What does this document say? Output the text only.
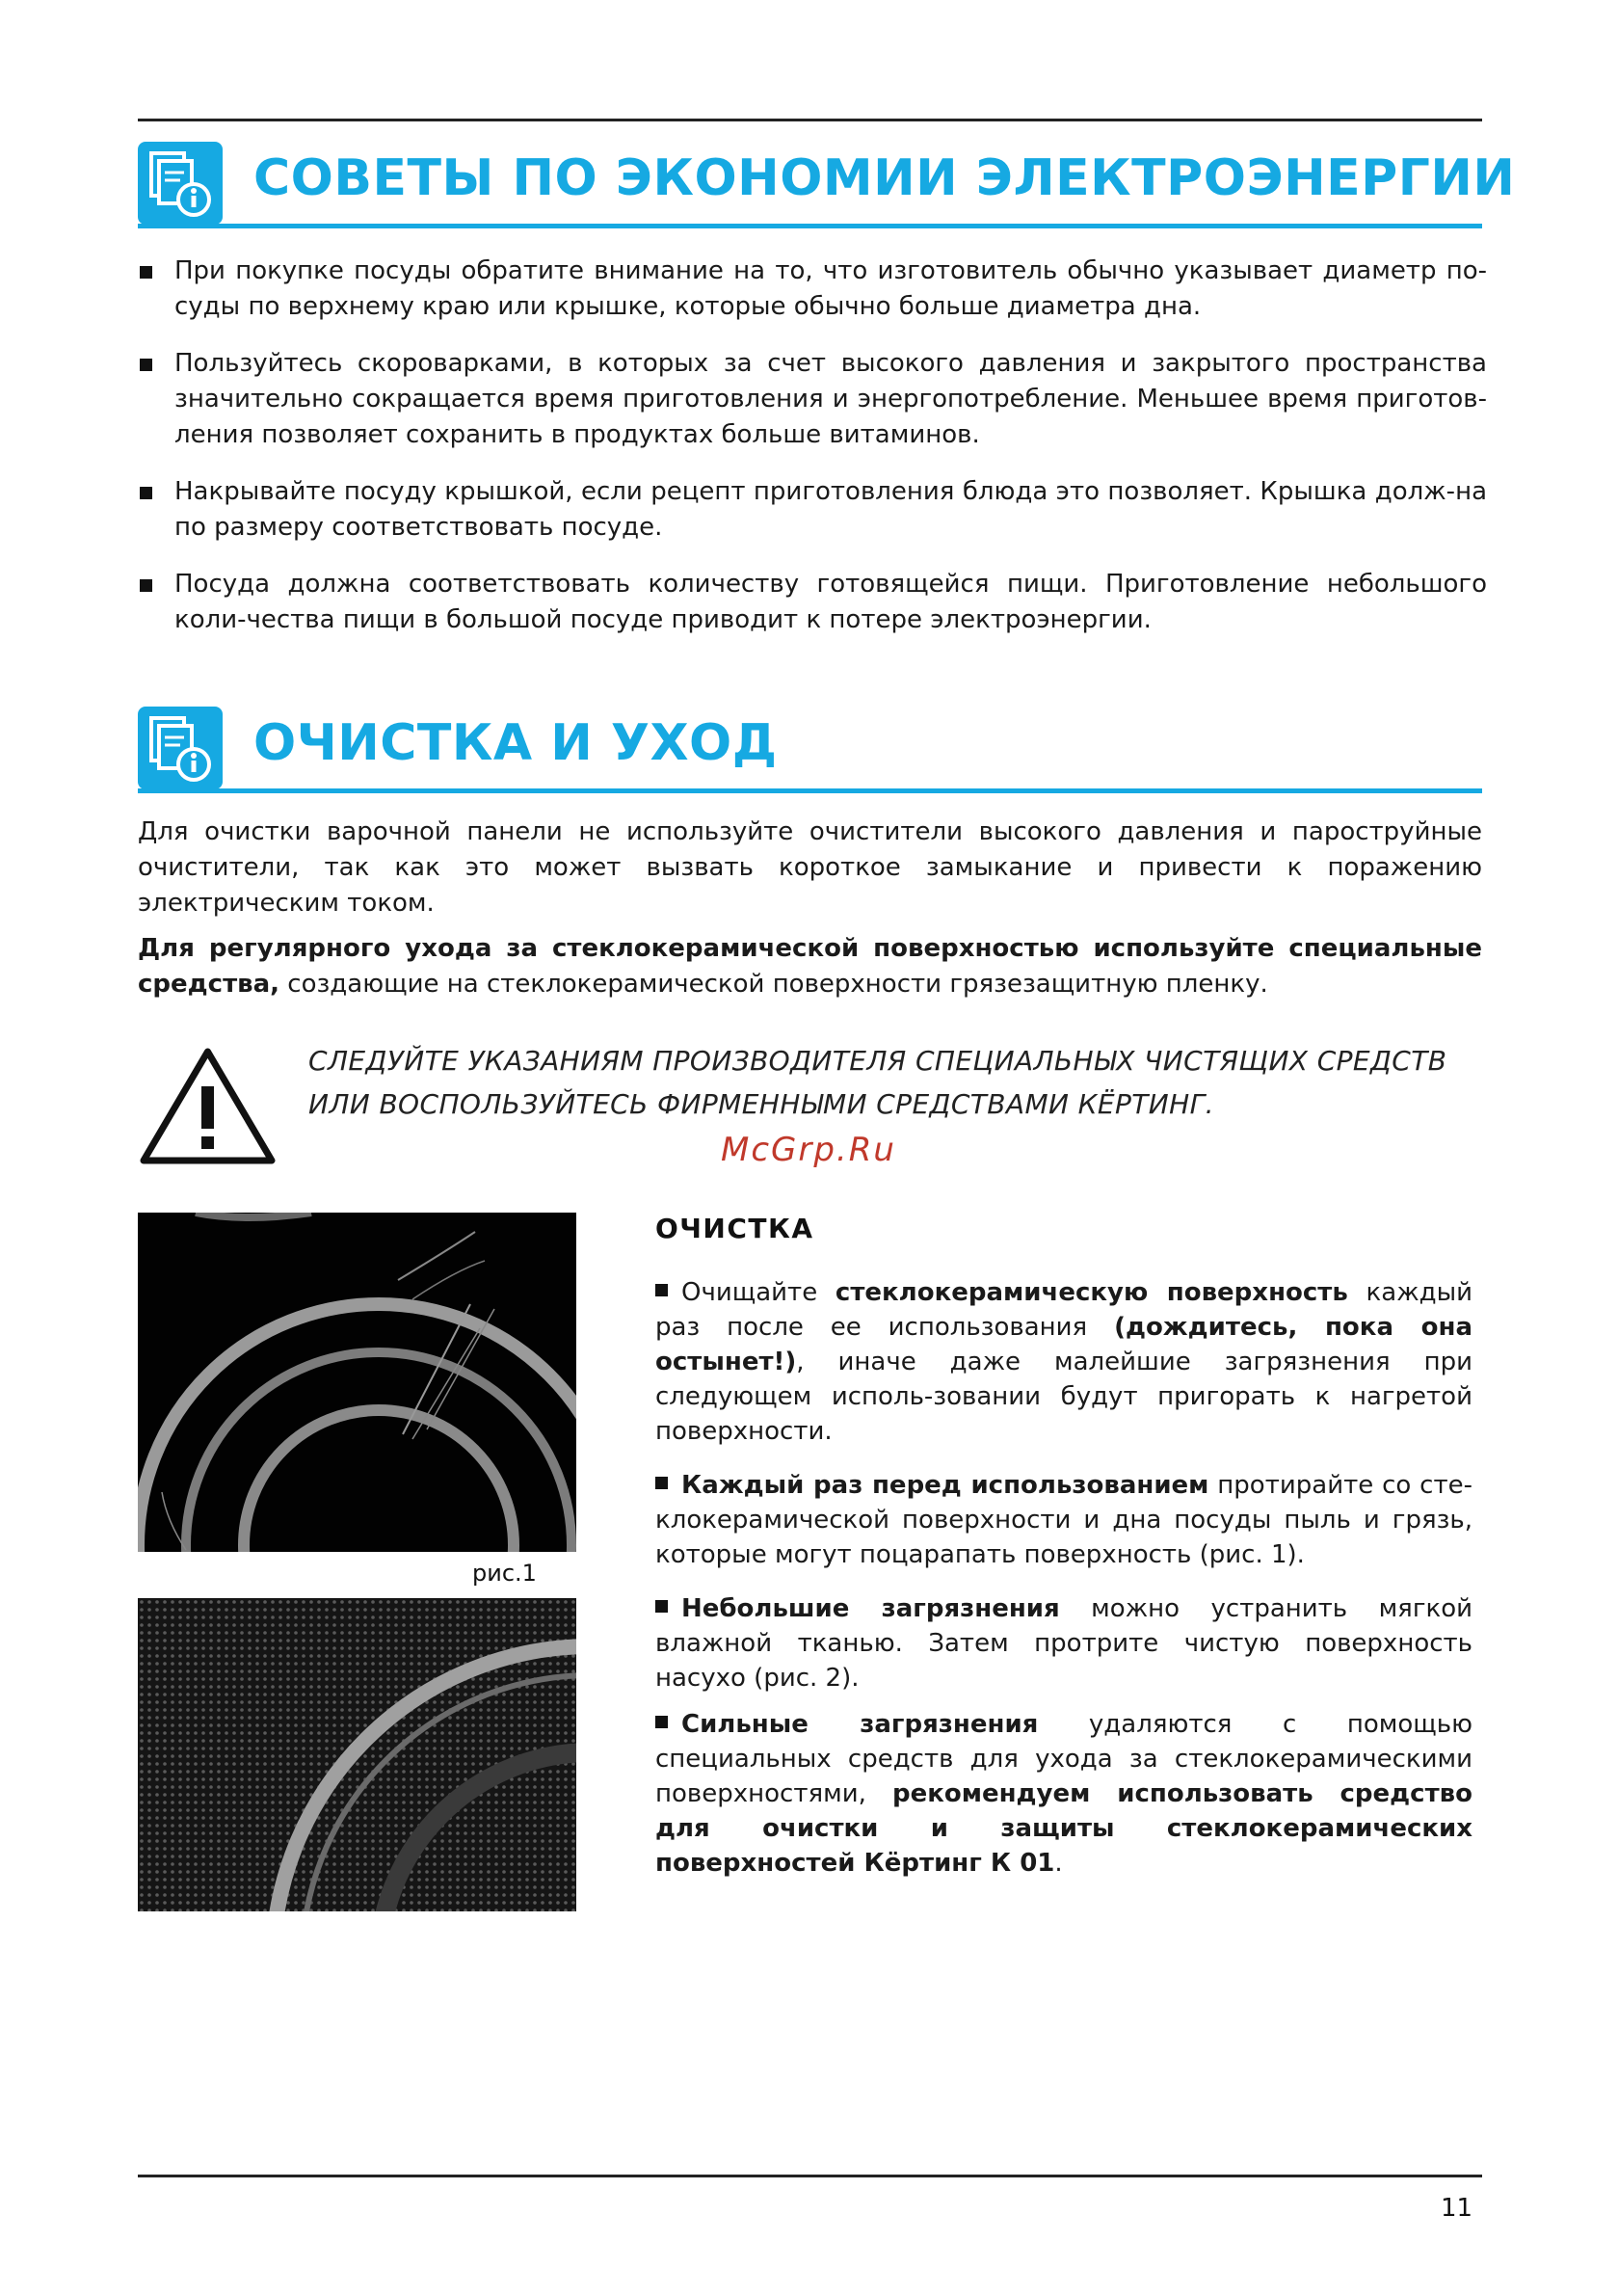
СОВЕТЫ ПО ЭКОНОМИИ ЭЛЕКТРОЭНЕРГИИ
При покупке посуды обратите внимание на то, что изготовитель обычно указывает диаметр по-суды по верхнему краю или крышке, которые обычно больше диаметра дна.
Пользуйтесь скороварками, в которых за счет высокого давления и закрытого пространства значительно сокращается время приготовления и энергопотребление. Меньшее время приготов-ления позволяет сохранить в продуктах больше витаминов.
Накрывайте посуду крышкой, если рецепт приготовления блюда это позволяет. Крышка долж-на по размеру соответствовать посуде.
Посуда должна соответствовать количеству готовящейся пищи. Приготовление небольшого коли-чества пищи в большой посуде приводит к потере электроэнергии.
ОЧИСТКА И УХОД

Для очистки варочной панели не используйте очистители высокого давления и пароструйные очистители, так как это может вызвать короткое замыкание и привести к поражению электрическим током.

Для регулярного ухода за стеклокерамической поверхностью используйте специальные средства, создающие на стеклокерамической поверхности грязезащитную пленку.

СЛЕДУЙТЕ УКАЗАНИЯМ ПРОИЗВОДИТЕЛЯ СПЕЦИАЛЬНЫХ ЧИСТЯЩИХ СРЕДСТВ
ИЛИ ВОСПОЛЬЗУЙТЕСЬ ФИРМЕННЫМИ СРЕДСТВАМИ КЁРТИНГ.
McGrp.Ru
рис.1
ОЧИСТКА
Очищайте стеклокерамическую поверхность каждый раз после ее использования (дождитесь, пока она остынет!), иначе даже малейшие загрязнения при следующем исполь-зовании будут пригорать к нагретой поверхности.
Каждый раз перед использованием протирайте со сте-клокерамической поверхности и дна посуды пыль и грязь, которые могут поцарапать поверхность (рис. 1).
Небольшие загрязнения можно устранить мягкой влажной тканью. Затем протрите чистую поверхность насухо (рис. 2).
Сильные загрязнения удаляются с помощью специальных средств для ухода за стеклокерамическими поверхностями, рекомендуем использовать средство для очистки и защиты стеклокерамических поверхностей Кёртинг К 01.
11
